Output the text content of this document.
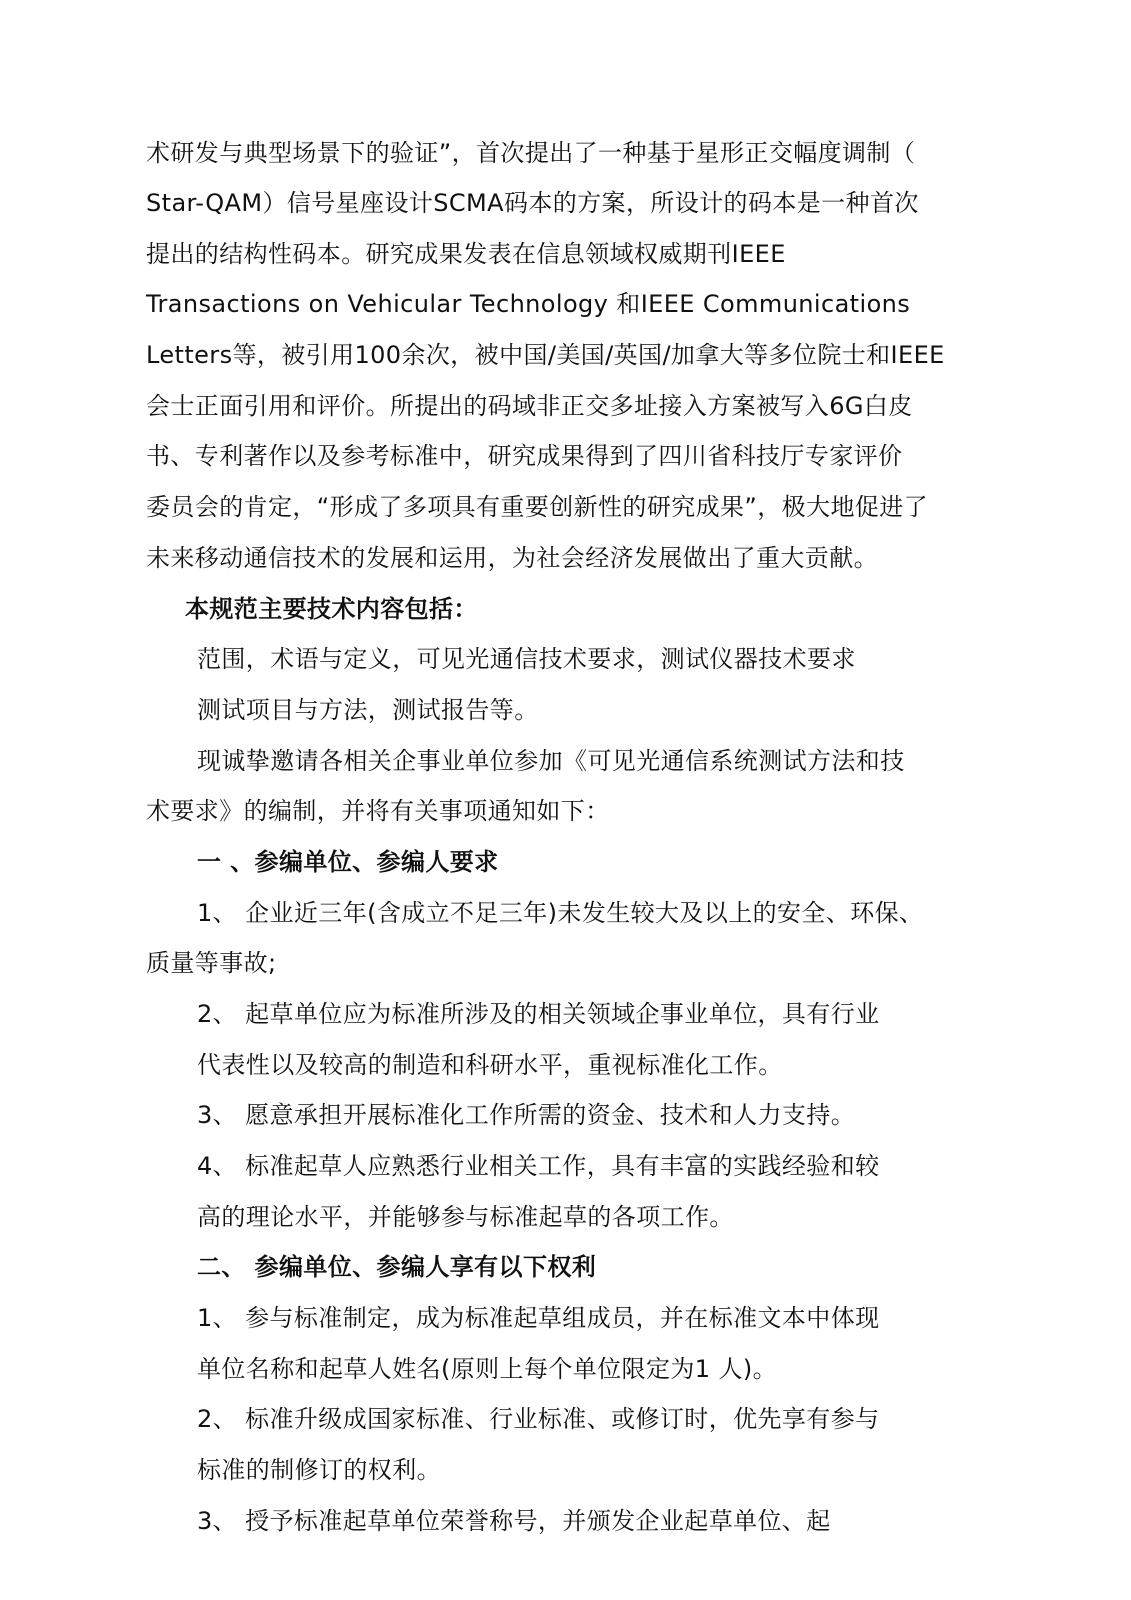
术研发与典型场景下的验证”，首次提出了一种基于星形正交幅度调制（
Star-QAM）信号星座设计SCMA码本的方案，所设计的码本是一种首次
提出的结构性码本。研究成果发表在信息领域权威期刊IEEE
Transactions on Vehicular Technology 和IEEE Communications
Letters等，被引用100余次，被中国/美国/英国/加拿大等多位院士和IEEE
会士正面引用和评价。所提出的码域非正交多址接入方案被写入6G白皮
书、专利著作以及参考标准中，研究成果得到了四川省科技厅专家评价
委员会的肯定，“形成了多项具有重要创新性的研究成果”，极大地促进了
未来移动通信技术的发展和运用，为社会经济发展做出了重大贡献。
本规范主要技术内容包括：
范围，术语与定义，可见光通信技术要求，测试仪器技术要求
测试项目与方法，测试报告等。
现诚挚邀请各相关企事业单位参加《可见光通信系统测试方法和技
术要求》的编制，并将有关事项通知如下：
一 、参编单位、参编人要求
1、 企业近三年(含成立不足三年)未发生较大及以上的安全、环保、
质量等事故;
2、 起草单位应为标准所涉及的相关领域企事业单位，具有行业
代表性以及较高的制造和科研水平，重视标准化工作。
3、 愿意承担开展标准化工作所需的资金、技术和人力支持。
4、 标准起草人应熟悉行业相关工作，具有丰富的实践经验和较
高的理论水平，并能够参与标准起草的各项工作。
二、 参编单位、参编人享有以下权利
1、 参与标准制定，成为标准起草组成员，并在标准文本中体现
单位名称和起草人姓名(原则上每个单位限定为1 人)。
2、 标准升级成国家标准、行业标准、或修订时，优先享有参与
标准的制修订的权利。
3、 授予标准起草单位荣誉称号，并颁发企业起草单位、起
